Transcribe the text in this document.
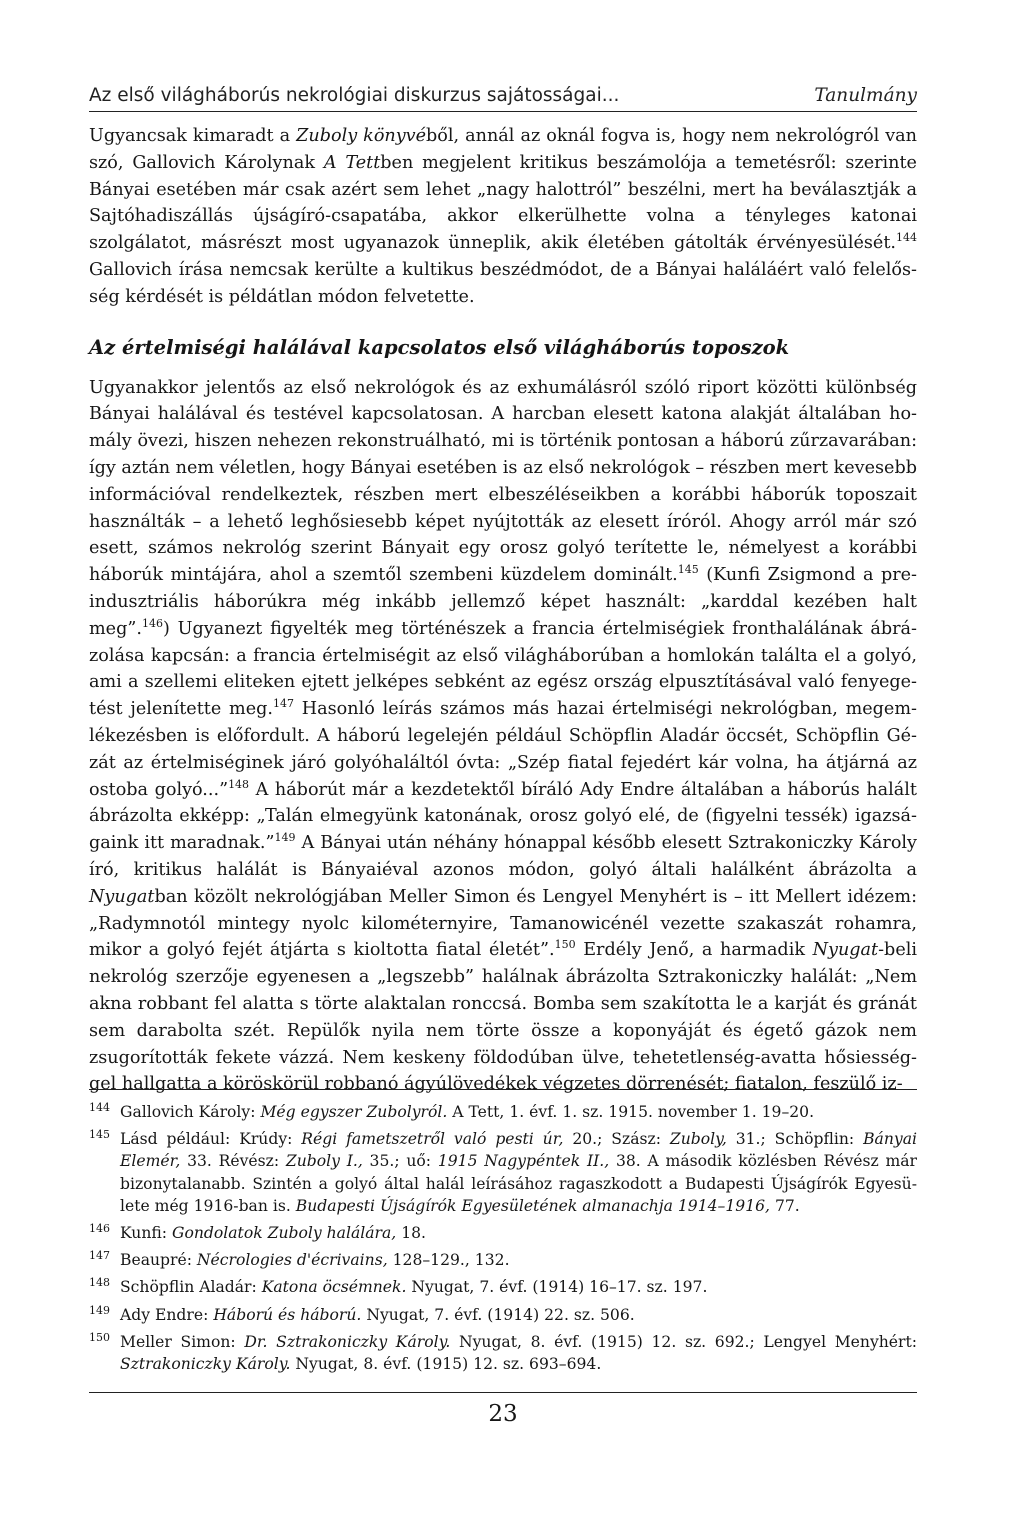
Az első világháborús nekrológiai diskurzus sajátosságai...	Tanulmány

Ugyancsak kimaradt a Zuboly könyvéből, annál az oknál fogva is, hogy nem nekrológról van szó, Gallovich Károlynak A Tettben megjelent kritikus beszámolója a temetésről: szerinte Bányai esetében már csak azért sem lehet „nagy halottról” beszélni, mert ha beválasztják a Sajtóhadiszállás újságíró-csapatába, akkor elkerülhette volna a tényleges katonai szolgálatot, másrészt most ugyanazok ünneplik, akik életében gátolták érvényesülését.$^{144}$ Gallovich írása nemcsak kerülte a kultikus beszédmódot, de a Bányai haláláért való felelősség kérdését is példátlan módon felvetette.

Az értelmiségi halálával kapcsolatos első világháborús toposzok

Ugyanakkor jelentős az első nekrológok és az exhumálásról szóló riport közötti különbség Bányai halálával és testével kapcsolatosan. A harcban elesett katona alakját általában homály övezi, hiszen nehezen rekonstruálható, mi is történik pontosan a háború zűrzavarában: így aztán nem véletlen, hogy Bányai esetében is az első nekrológok – részben mert kevesebb információval rendelkeztek, részben mert elbeszéléseikben a korábbi háborúk toposzait használták – a lehető leghősiesebb képet nyújtották az elesett íróról. Ahogy arról már szó esett, számos nekrológ szerint Bányait egy orosz golyó terítette le, némelyest a korábbi háborúk mintájára, ahol a szemtől szembeni küzdelem dominált.$^{145}$ (Kunfi Zsigmond a preindusztriális háborúkra még inkább jellemző képet használt: „karddal kezében halt meg”.$^{146}$) Ugyanezt figyelték meg történészek a francia értelmiségiek fronthalálának ábrázolása kapcsán: a francia értelmiségit az első világháborúban a homlokán találta el a golyó, ami a szellemi eliteken ejtett jelképes sebként az egész ország elpusztításával való fenyegetést jelenítette meg.$^{147}$ Hasonló leírás számos más hazai értelmiségi nekrológban, megemlékezésben is előfordult. A háború legelején például Schöpflin Aladár öccsét, Schöpflin Gézát az értelmiséginek járó golyóhaláltól óvta: „Szép fiatal fejedért kár volna, ha átjárná az ostoba golyó...”$^{148}$ A háborút már a kezdetektől bíráló Ady Endre általában a háborús halált ábrázolta ekképp: „Talán elmegyünk katonának, orosz golyó elé, de (figyelni tessék) igazságaink itt maradnak.”$^{149}$ A Bányai után néhány hónappal később elesett Sztrakoniczky Károly író, kritikus halálát is Bányaiéval azonos módon, golyó általi halálként ábrázolta a Nyugatban közölt nekrológjában Meller Simon és Lengyel Menyhért is – itt Mellert idézem: „Radymnotól mintegy nyolc kilométernyire, Tamanowicénél vezette szakaszát rohamra, mikor a golyó fejét átjárta s kioltotta fiatal életét”.$^{150}$ Erdély Jenő, a harmadik Nyugat-beli nekrológ szerzője egyenesen a „legszebb” halálnak ábrázolta Sztrakoniczky halálát: „Nem akna robbant fel alatta s törte alaktalan ronccsá. Bomba sem szakította le a karját és gránát sem darabolta szét. Repülők nyila nem törte össze a koponyáját és égető gázok nem zsugorították fekete vázzá. Nem keskeny földodúban ülve, tehetetlenség-avatta hősiességgel hallgatta a köröskörül robbanó ágyúlövedékek végzetes dörrenését; fiatalon, feszülő iz-

144 Gallovich Károly: Még egyszer Zubolyról. A Tett, 1. évf. 1. sz. 1915. november 1. 19–20.
145 Lásd például: Krúdy: Régi fametszetről való pesti úr, 20.; Szász: Zuboly, 31.; Schöpflin: Bányai Elemér, 33. Révész: Zuboly I., 35.; uő: 1915 Nagypéntek II., 38. A második közlésben Révész már bizonytalanabb. Szintén a golyó által halál leírásához ragaszkodott a Budapesti Újságírók Egyesülete még 1916-ban is. Budapesti Újságírók Egyesületének almanachja 1914–1916, 77.
146 Kunfi: Gondolatok Zuboly halálára, 18.
147 Beaupré: Nécrologies d'écrivains, 128–129., 132.
148 Schöpflin Aladár: Katona öcsémnek. Nyugat, 7. évf. (1914) 16–17. sz. 197.
149 Ady Endre: Háború és háború. Nyugat, 7. évf. (1914) 22. sz. 506.
150 Meller Simon: Dr. Sztrakoniczky Károly. Nyugat, 8. évf. (1915) 12. sz. 692.; Lengyel Menyhért: Sztrakoniczky Károly. Nyugat, 8. évf. (1915) 12. sz. 693–694.
23
